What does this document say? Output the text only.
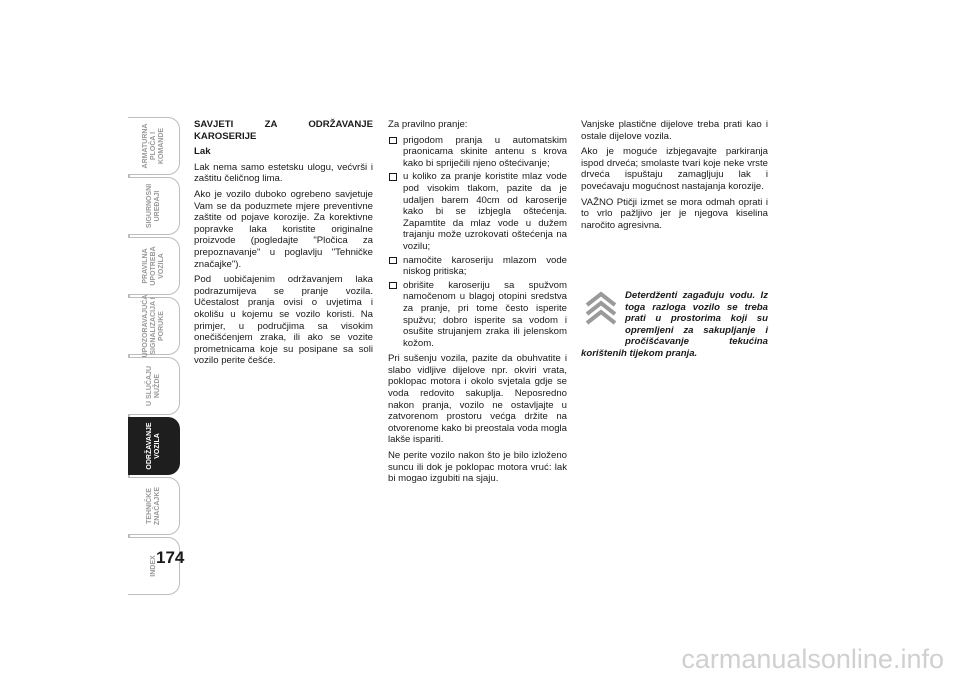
ARMATURNA
PLOČA I
KOMANDE
SIGURNOSNI
UREĐAJI
PRAVILNA
UPOTREBA
VOZILA
UPOZORAVAJUĆA
SIGNALIZACIJA I
PORUKE
U SLUČAJU
NUŽDE
ODRŽAVANJE
VOZILA
TEHNIČKE
ZNAČAJKE
INDEX 174

SAVJETI ZA ODRŽAVANJE KAROSERIJE

Lak

Lak nema samo estetsku ulogu, većvrši i zaštitu čeličnog lima.

Ako je vozilo duboko ogrebeno savjetuje Vam se da poduzmete mjere preventivne zaštite od pojave korozije. Za korektivne popravke laka koristite originalne proizvode (pogledajte "Pločica za prepoznavanje" u poglavlju "Tehničke značajke").

Pod uobičajenim održavanjem laka podrazumijeva se pranje vozila. Učestalost pranja ovisi o uvjetima i okolišu u kojemu se vozilo koristi. Na primjer, u područjima sa visokim onečišćenjem zraka, ili ako se vozite prometnicama koje su posipane sa soli vozilo perite češće.

Za pravilno pranje:

prigodom pranja u automatskim praonicama skinite antenu s krova kako bi spriječili njeno oštećivanje;
u koliko za pranje koristite mlaz vode pod visokim tlakom, pazite da je udaljen barem 40cm od karoserije kako bi se izbjegla oštećenja. Zapamtite da mlaz vode u dužem trajanju može uzrokovati oštećenja na vozilu;
namočite karoseriju mlazom vode niskog pritiska;
obrišite karoseriju sa spužvom namočenom u blagoj otopini sredstva za pranje, pri tome često isperite spužvu; dobro isperite sa vodom i osušite strujanjem zraka ili jelenskom kožom.

Pri sušenju vozila, pazite da obuhvatite i slabo vidljive dijelove npr. okviri vrata, poklopac motora i okolo svjetala gdje se voda redovito sakuplja. Neposredno nakon pranja, vozilo ne ostavljajte u zatvorenom prostoru većga držite na otvorenome kako bi preostala voda mogla lakše ispariti.

Ne perite vozilo nakon što je bilo izloženo suncu ili dok je poklopac motora vruć: lak bi mogao izgubiti na sjaju.

Vanjske plastične dijelove treba prati kao i ostale dijelove vozila.

Ako je moguće izbjegavajte parkiranja ispod drveća; smolaste tvari koje neke vrste drveća ispuštaju zamagljuju lak i povećavaju mogućnost nastajanja korozije.

VAŽNO Ptičji izmet se mora odmah oprati i to vrlo pažljivo jer je njegova kiselina naročito agresivna.

Deterdženti zagađuju vodu. Iz toga razloga vozilo se treba prati u prostorima koji su opremljeni za sakupljanje i pročišćavanje tekućina korištenih tijekom pranja.
carmanualsonline.info
